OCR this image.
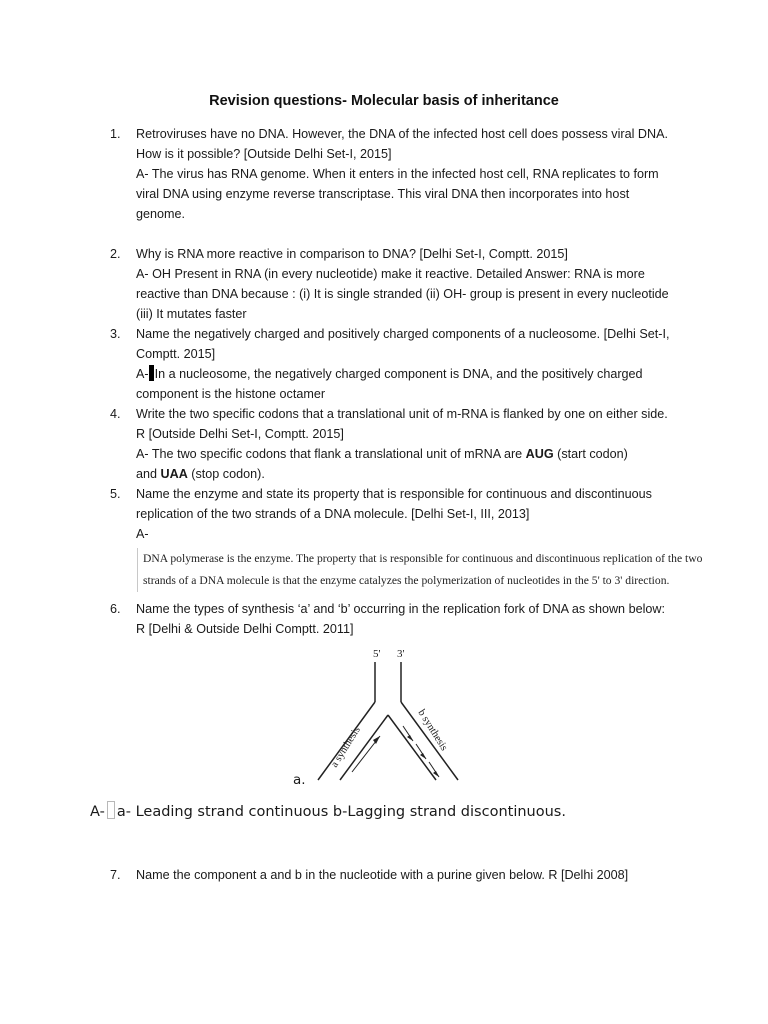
Revision questions- Molecular basis of inheritance
1.	Retroviruses have no DNA. However, the DNA of the infected host cell does possess viral DNA.
How is it possible? [Outside Delhi Set-I, 2015]
A- The virus has RNA genome. When it enters in the infected host cell, RNA replicates to form
viral DNA using enzyme reverse transcriptase. This viral DNA then incorporates into host
genome.
2.	Why is RNA more reactive in comparison to DNA? [Delhi Set-I, Comptt. 2015]
A- OH Present in RNA (in every nucleotide) make it reactive. Detailed Answer: RNA is more
reactive than DNA because : (i) It is single stranded (ii) OH- group is present in every nucleotide
(iii) It mutates faster
3.	Name the negatively charged and positively charged components of a nucleosome. [Delhi Set-I,
Comptt. 2015]
A- In a nucleosome, the negatively charged component is DNA, and the positively charged
component is the histone octamer
4.	Write the two specific codons that a translational unit of m-RNA is flanked by one on either side.
R [Outside Delhi Set-I, Comptt. 2015]
A- The two specific codons that flank a translational unit of mRNA are AUG (start codon)
and UAA (stop codon).
5.	Name the enzyme and state its property that is responsible for continuous and discontinuous
replication of the two strands of a DNA molecule. [Delhi Set-I, III, 2013]
A-
DNA polymerase is the enzyme. The property that is responsible for continuous and discontinuous replication of the two
strands of a DNA molecule is that the enzyme catalyzes the polymerization of nucleotides in the 5' to 3' direction.
6.	Name the types of synthesis ‘a’ and ‘b’ occurring in the replication fork of DNA as shown below:
R [Delhi & Outside Delhi Comptt. 2011]
5' 3'
a synthesis	b synthesis
a.
A- a- Leading strand continuous b-Lagging strand discontinuous.
7.	Name the component a and b in the nucleotide with a purine given below. R [Delhi 2008]
